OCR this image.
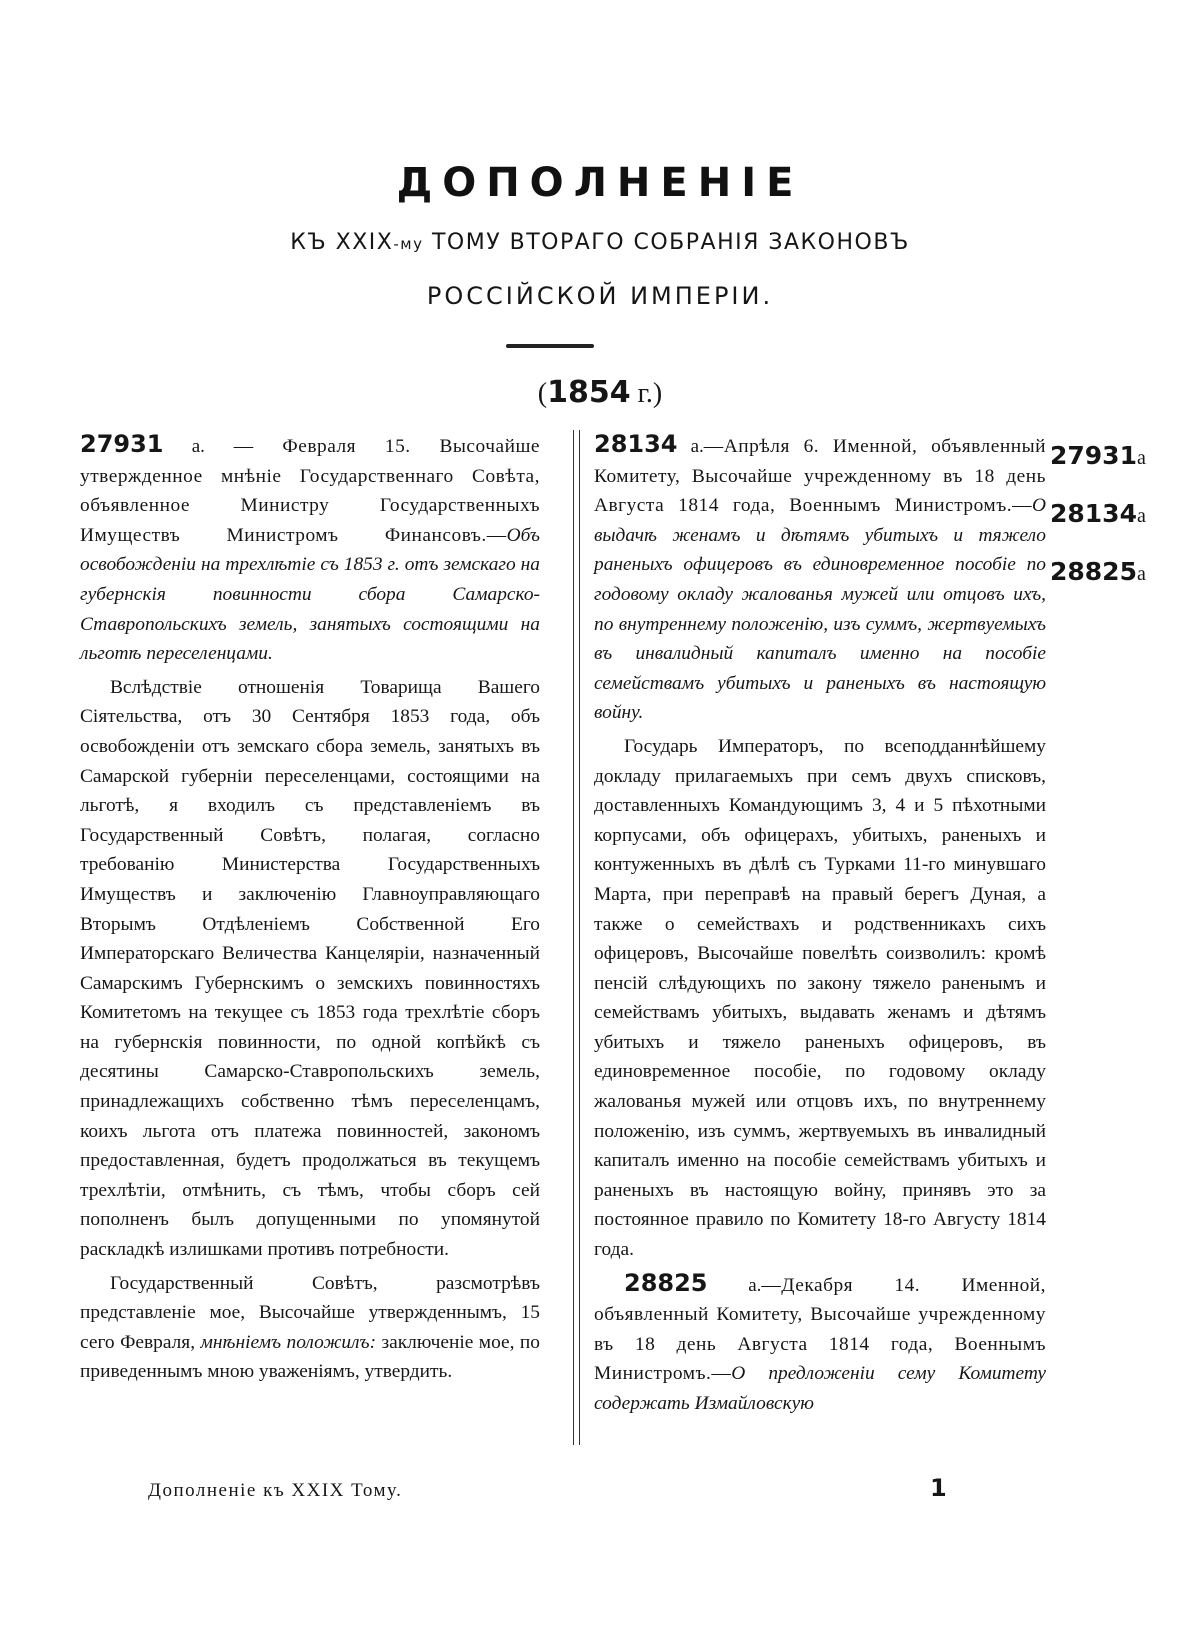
ДОПОЛНЕНІЕ
КЪ XXIX-му ТОМУ ВТОРАГО СОБРАНІЯ ЗАКОНОВЪ
РОССІЙСКОЙ ИМПЕРІИ.
(1854 г.)

27931 а. — Февраля 15. Высочайше утвержденное мнѣніе Государственнаго Совѣта, объявленное Министру Государственныхъ Имуществъ Министромъ Финансовъ.—Объ освобожденіи на трехлѣтіе съ 1853 г. отъ земскаго на губернскія повинности сбора Самарско-Ставропольскихъ земель, занятыхъ состоящими на льготѣ переселенцами.

Вслѣдствіе отношенія Товарища Вашего Сіятельства, отъ 30 Сентября 1853 года, объ освобожденіи отъ земскаго сбора земель, занятыхъ въ Самарской губерніи переселенцами, состоящими на льготѣ, я входилъ съ представленіемъ въ Государственный Совѣтъ, полагая, согласно требованію Министерства Государственныхъ Имуществъ и заключенію Главноуправляющаго Вторымъ Отдѣленіемъ Собственной Его Императорскаго Величества Канцеляріи, назначенный Самарскимъ Губернскимъ о земскихъ повинностяхъ Комитетомъ на текущее съ 1853 года трехлѣтіе сборъ на губернскія повинности, по одной копѣйкѣ съ десятины Самарско-Ставропольскихъ земель, принадлежащихъ собственно тѣмъ переселенцамъ, коихъ льгота отъ платежа повинностей, закономъ предоставленная, будетъ продолжаться въ текущемъ трехлѣтіи, отмѣнить, съ тѣмъ, чтобы сборъ сей пополненъ былъ допущенными по упомянутой раскладкѣ излишками противъ потребности.

Государственный Совѣтъ, разсмотрѣвъ представленіе мое, Высочайше утвержденнымъ, 15 сего Февраля, мнѣніемъ положилъ: заключеніе мое, по приведеннымъ мною уваженіямъ, утвердить.

28134 а.—Апрѣля 6. Именной, объявленный Комитету, Высочайше учрежденному въ 18 день Августа 1814 года, Военнымъ Министромъ.—О выдачѣ женамъ и дѣтямъ убитыхъ и тяжело раненыхъ офицеровъ въ единовременное пособіе по годовому окладу жалованья мужей или отцовъ ихъ, по внутреннему положенію, изъ суммъ, жертвуемыхъ въ инвалидный капиталъ именно на пособіе семействамъ убитыхъ и раненыхъ въ настоящую войну.

Государь Императоръ, по всеподданнѣйшему докладу прилагаемыхъ при семъ двухъ списковъ, доставленныхъ Командующимъ 3, 4 и 5 пѣхотными корпусами, объ офицерахъ, убитыхъ, раненыхъ и контуженныхъ въ дѣлѣ съ Турками 11-го минувшаго Марта, при переправѣ на правый берегъ Дуная, а также о семействахъ и родственникахъ сихъ офицеровъ, Высочайше повелѣть соизволилъ: кромѣ пенсій слѣдующихъ по закону тяжело раненымъ и семействамъ убитыхъ, выдавать женамъ и дѣтямъ убитыхъ и тяжело раненыхъ офицеровъ, въ единовременное пособіе, по годовому окладу жалованья мужей или отцовъ ихъ, по внутреннему положенію, изъ суммъ, жертвуемыхъ въ инвалидный капиталъ именно на пособіе семействамъ убитыхъ и раненыхъ въ настоящую войну, принявъ это за постоянное правило по Комитету 18-го Августу 1814 года.

28825 а.—Декабря 14. Именной, объявленный Комитету, Высочайше учрежденному въ 18 день Августа 1814 года, Военнымъ Министромъ.—О предложеніи сему Комитету содержать Измайловскую

27931а
28134а
28825а
Дополненіе къ XXIX Тому.	1
